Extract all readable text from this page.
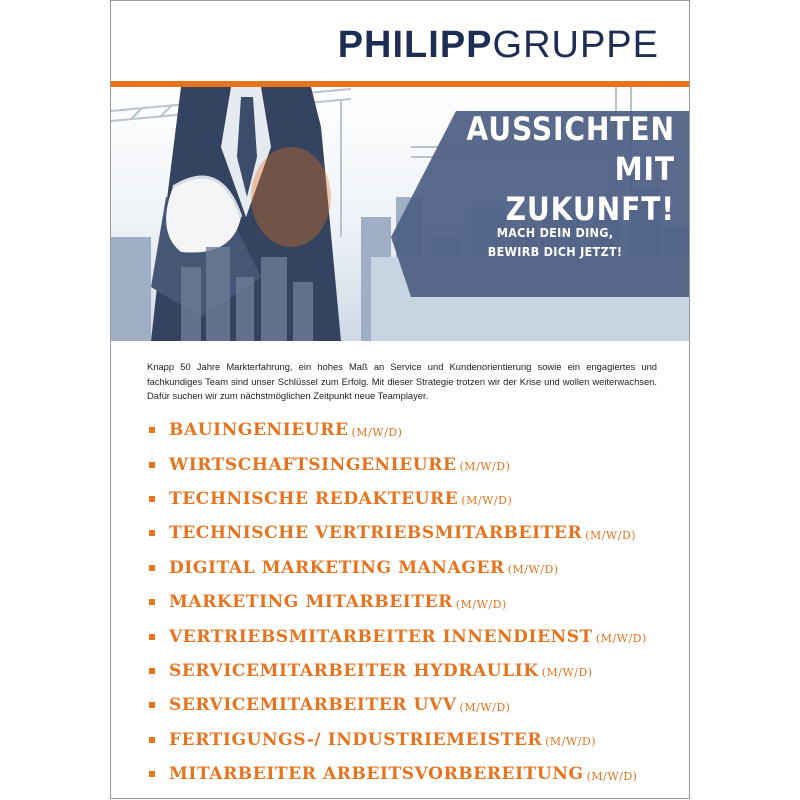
PHILIPPGRUPPE
AUSSICHTEN
MIT ZUKUNFT!
MACH DEIN DING,
BEWIRB DICH JETZT!

Knapp 50 Jahre Markterfahrung, ein hohes Maß an Service und Kundenorientierung sowie ein engagiertes und fachkundiges Team sind unser Schlüssel zum Erfolg. Mit dieser Strategie trotzen wir der Krise und wollen weiterwachsen. Dafür suchen wir zum nächstmöglichen Zeitpunkt neue Teamplayer.

BAUINGENIEURE (M/W/D)
WIRTSCHAFTSINGENIEURE (M/W/D)
TECHNISCHE REDAKTEURE (M/W/D)
TECHNISCHE VERTRIEBSMITARBEITER (M/W/D)
DIGITAL MARKETING MANAGER (M/W/D)
MARKETING MITARBEITER (M/W/D)
VERTRIEBSMITARBEITER INNENDIENST (M/W/D)
SERVICEMITARBEITER HYDRAULIK (M/W/D)
SERVICEMITARBEITER UVV (M/W/D)
FERTIGUNGS-/ INDUSTRIEMEISTER (M/W/D)
MITARBEITER ARBEITSVORBEREITUNG (M/W/D)
